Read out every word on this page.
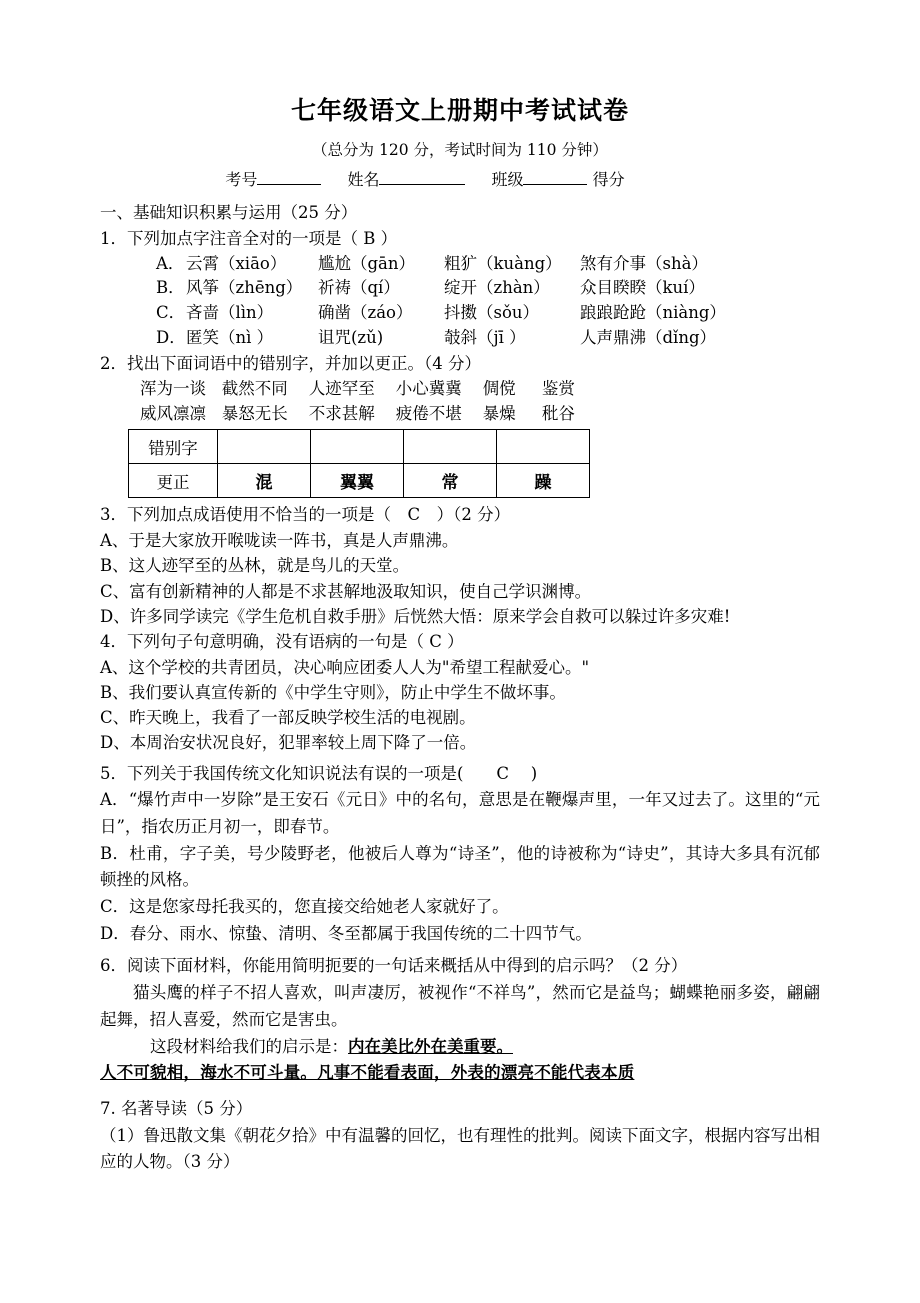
七年级语文上册期中考试试卷

（总分为 120 分，考试时间为 110 分钟）

考号	姓名	班级	得分

一、基础知识积累与运用（25 分）

1．下列加点字注音全对的一项是（ B ）

A． 云霄（xiāo）	尴尬（gān）	粗犷（kuàng）	煞有介事（shà）
B． 风筝（zhēng） 祈祷（qí）	绽开（zhàn）	众目睽睽（kuí）
C． 吝啬（lìn）	确凿（záo）	抖擞（sǒu）	踉踉跄跄（niàng）
D． 匿笑（nì ）	诅咒(zǔ)	攲斜（jī ）	人声鼎沸（dǐng）

2．找出下面词语中的错别字，并加以更正。（4 分）

浑为一谈   截然不同    人迹罕至    小心冀冀    倜傥     鉴赏
威风凛凛   暴怒无长    不求甚解    疲倦不堪    暴燥     秕谷
错别字				
更正	混	翼翼	常	躁

3．下列加点成语使用不恰当的一项是（　C　）（2 分）

A、于是大家放开喉咙读一阵书，真是人声鼎沸。

B、这人迹罕至的丛林，就是鸟儿的天堂。

C、富有创新精神的人都是不求甚解地汲取知识，使自己学识渊博。

D、许多同学读完《学生危机自救手册》后恍然大悟：原来学会自救可以躲过许多灾难!

4．下列句子句意明确，没有语病的一句是（ C ）

A、这个学校的共青团员，决心响应团委人人为"希望工程献爱心。"

B、我们要认真宣传新的《中学生守则》，防止中学生不做坏事。

C、昨天晚上，我看了一部反映学校生活的电视剧。

D、本周治安状况良好，犯罪率较上周下降了一倍。

5．下列关于我国传统文化知识说法有误的一项是(　　C　 )

A．“爆竹声中一岁除”是王安石《元日》中的名句，意思是在鞭爆声里，一年又过去了。这里的“元日”，指农历正月初一，即春节。

B．杜甫，字子美，号少陵野老，他被后人尊为“诗圣”，他的诗被称为“诗史”，其诗大多具有沉郁顿挫的风格。

C．这是您家母托我买的，您直接交给她老人家就好了。

D．春分、雨水、惊蛰、清明、冬至都属于我国传统的二十四节气。

6．阅读下面材料，你能用简明扼要的一句话来概括从中得到的启示吗？（2 分）

猫头鹰的样子不招人喜欢，叫声凄厉，被视作“不祥鸟”，然而它是益鸟；蝴蝶艳丽多姿，翩翩起舞，招人喜爱，然而它是害虫。

这段材料给我们的启示是：内在美比外在美重要。

人不可貌相，海水不可斗量。凡事不能看表面，外表的漂亮不能代表本质

7. 名著导读（5 分）

（1）鲁迅散文集《朝花夕拾》中有温馨的回忆，也有理性的批判。阅读下面文字，根据内容写出相应的人物。（3 分）
